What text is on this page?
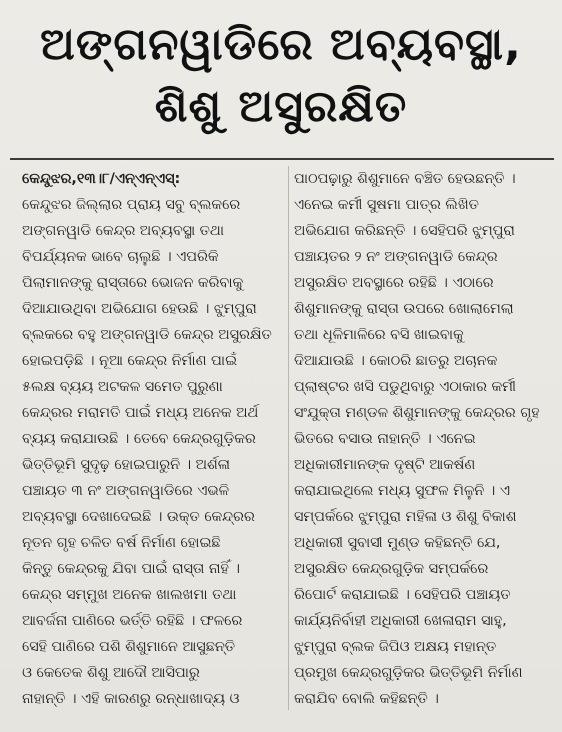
ଅଙ୍ଗନୱାଡିରେ ଅବ୍ୟବସ୍ଥା,
ଶିଶୁ ଅସୁରକ୍ଷିତ
କେନ୍ଦୁଝର,୧୩।୮/ଏନ୍‌ଏନ୍‌ଏସ୍‌:
କେନ୍ଦୁଝର ଜିଲ୍ଲାର ପ୍ରାୟ ସବୁ ବ୍ଲକରେ
ଅଙ୍ଗନୱାଡି କେନ୍ଦ୍ର ଅବ୍ୟବସ୍ଥା ତଥା
ବିପର୍ଯ୍ୟନକ ଭାବେ ଚାଲୁଛି । ଏପରିକି
ପିଲାମାନଙ୍କୁ ରାସ୍ତାରେ ଭୋଜନ କରିବାକୁ
ଦିଆଯାଉଥିବା ଅଭିଯୋଗ ହେଉଛି । ଝୁମ୍ପୁରା
ବ୍ଲକରେ ବହୁ ଅଙ୍ଗନୱାଡି କେନ୍ଦ୍ର ଅସୁରକ୍ଷିତ
ହୋଇପଡ଼ିଛି । ନୂଆ କେନ୍ଦ୍ର ନିର୍ମାଣ ପାଇଁ
୫ଲକ୍ଷ ବ୍ୟୟ ଅଟକଳ ସମେତ ପୁରୁଣା
କେନ୍ଦ୍ରର ମରାମତି ପାଇଁ ମଧ୍ୟ ଅନେକ ଅର୍ଥ
ବ୍ୟୟ କରାଯାଉଛି । ତେବେ କେନ୍ଦ୍ରଗୁଡ଼ିକର
ଭିତ୍ତିଭୂମି ସୁଦୃଢ଼ ହୋଇପାରୁନି । ଅର୍ଶଳା
ପଞ୍ଚାୟତ ୩ ନଂ ଅଙ୍ଗନୱାଡିରେ ଏଭଳି
ଅବ୍ୟବସ୍ଥା ଦେଖାଦେଇଛି । ଉକ୍ତ କେନ୍ଦ୍ରର
ନୂତନ ଗୃହ ଚଳିତ ବର୍ଷ ନିର୍ମାଣ ହୋଇଛି
କିନ୍ତୁ କେନ୍ଦ୍ରକୁ ଯିବା ପାଇଁ ରାସ୍ତା ନାହିଁ ।
କେନ୍ଦ୍ର ସମ୍ମୁଖ ଅନେକ ଖାଲଖମା ତଥା
ଆବର୍ଜନା ପାଣିରେ ଭର୍ତ୍ତି ରହିଛି । ଫଳରେ
ସେହି ପାଣିରେ ପଶି ଶିଶୁମାନେ ଆସୁଛନ୍ତି
ଓ କେତେକ ଶିଶୁ ଆଦୌ ଆସିପାରୁ
ନାହାନ୍ତି । ଏହି କାରଣରୁ ରନ୍ଧାଖାଦ୍ୟ ଓ
ପାଠପଢ଼ାରୁ ଶିଶୁମାନେ ବଞ୍ଚିତ ହେଉଛନ୍ତି ।
ଏନେଇ କର୍ମୀ ସୁଷମା ପାତ୍ର ଲିଖିତ
ଅଭିଯୋଗ କରିଛନ୍ତି । ସେହିପରି ଝୁମ୍ପୁରା
ପଞ୍ଚାୟତର ୨ ନଂ ଅଙ୍ଗନୱାଡି କେନ୍ଦ୍ର
ଅସୁରକ୍ଷିତ ଅବସ୍ଥାରେ ରହିଛି । ଏଠାରେ
ଶିଶୁମାନଙ୍କୁ ରାସ୍ତା ଉପରେ ଖୋଲାମେଲା
ତଥା ଧୂଳିମାଳିରେ ବସି ଖାଇବାକୁ
ଦିଆଯାଉଛି । କୋଠରି ଛାତରୁ ଅଚାନକ
ପ୍ଲାଷ୍ଟର ଖସି ପଡୁଥିବାରୁ ଏଠାକାର କର୍ମୀ
ସଂଯୁକ୍ତା ମଣ୍ଡଳ ଶିଶୁମାନଙ୍କୁ କେନ୍ଦ୍ରର ଗୃହ
ଭିତରେ ବସାଉ ନାହାନ୍ତି । ଏନେଇ
ଅଧିକାରୀମାନଙ୍କ ଦୃଷ୍ଟି ଆକର୍ଷଣ
କରାଯାଇଥିଲେ ମଧ୍ୟ ସୁଫଳ ମିଳୁନି । ଏ
ସମ୍ପର୍କରେ ଝୁମ୍ପୁରା ମହିଳା ଓ ଶିଶୁ ବିକାଶ
ଅଧିକାରୀ ସୁବାସୀ ମୁଣ୍ଡ କହିଛନ୍ତି ଯେ,
ଅସୁରକ୍ଷିତ କେନ୍ଦ୍ରଗୁଡ଼ିକ ସମ୍ପର୍କରେ
ରିପୋର୍ଟ କରାଯାଇଛି । ସେହିପରି ପଞ୍ଚାୟତ
କାର୍ଯ୍ୟନିର୍ବାହୀ ଅଧିକାରୀ ଖେଳାରାମ ସାହୁ,
ଝୁମ୍ପୁରା ବ୍ଲକ ଜିପିଓ ଅକ୍ଷୟ ମହାନ୍ତ
ପ୍ରମୁଖ କେନ୍ଦ୍ରଗୁଡ଼ିକର ଭିତ୍ତିଭୂମି ନିର୍ମାଣ
କରାଯିବ ବୋଲି କହିଛନ୍ତି ।
